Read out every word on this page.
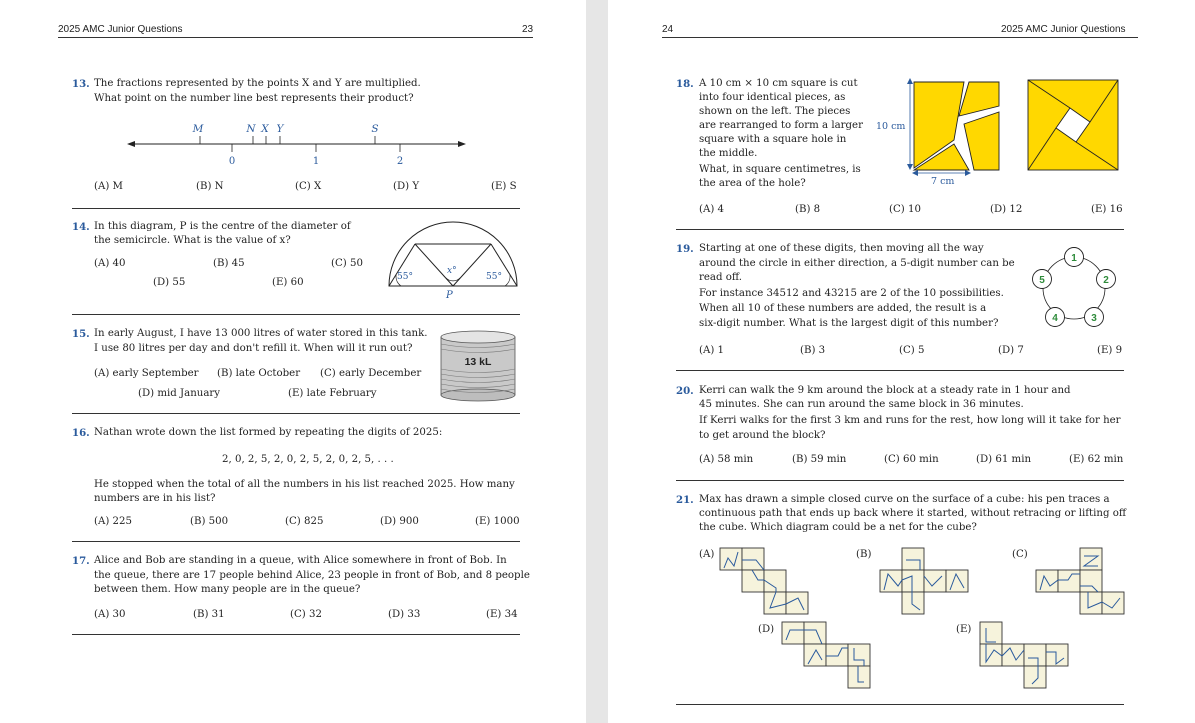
2025 AMC Junior Questions	23
13. The fractions represented by the points X and Y are multiplied.
What point on the number line best represents their product?
M	N X Y	S
0	1	2
(A) M	(B) N	(C) X	(D) Y	(E) S
14. In this diagram, P is the centre of the diameter of
the semicircle. What is the value of x?
55°
x°
55°
P
(A) 40	(B) 45	(C) 50
(D) 55	(E) 60
15. In early August, I have 13 000 litres of water stored in this tank.
I use 80 litres per day and don't refill it. When will it run out?
13 kL
(A) early September (B) late October (C) early December
(D) mid January	(E) late February
16. Nathan wrote down the list formed by repeating the digits of 2025:
2, 0, 2, 5, 2, 0, 2, 5, 2, 0, 2, 5, . . .
He stopped when the total of all the numbers in his list reached 2025. How many
numbers are in his list?
(A) 225	(B) 500	(C) 825	(D) 900	(E) 1000
17. Alice and Bob are standing in a queue, with Alice somewhere in front of Bob. In
the queue, there are 17 people behind Alice, 23 people in front of Bob, and 8 people
between them. How many people are in the queue?
(A) 30	(B) 31	(C) 32	(D) 33	(E) 34
24	2025 AMC Junior Questions
18. A 10 cm × 10 cm square is cut
into four identical pieces, as
shown on the left. The pieces
are rearranged to form a larger
square with a square hole in
the middle.
What, in square centimetres, is
the area of the hole?
10 cm
7 cm
(A) 4	(B) 8	(C) 10	(D) 12	(E) 16
19. Starting at one of these digits, then moving all the way
around the circle in either direction, a 5-digit number can be
read off.
For instance 34512 and 43215 are 2 of the 10 possibilities.
When all 10 of these numbers are added, the result is a
six-digit number. What is the largest digit of this number?
1
2
3
4
5
(A) 1	(B) 3	(C) 5	(D) 7	(E) 9
20. Kerri can walk the 9 km around the block at a steady rate in 1 hour and
45 minutes. She can run around the same block in 36 minutes.
If Kerri walks for the first 3 km and runs for the rest, how long will it take for her
to get around the block?
(A) 58 min	(B) 59 min	(C) 60 min	(D) 61 min	(E) 62 min
21. Max has drawn a simple closed curve on the surface of a cube: his pen traces a
continuous path that ends up back where it started, without retracing or lifting off
the cube. Which diagram could be a net for the cube?
(A)	(B)	(C)
(D)	(E)
